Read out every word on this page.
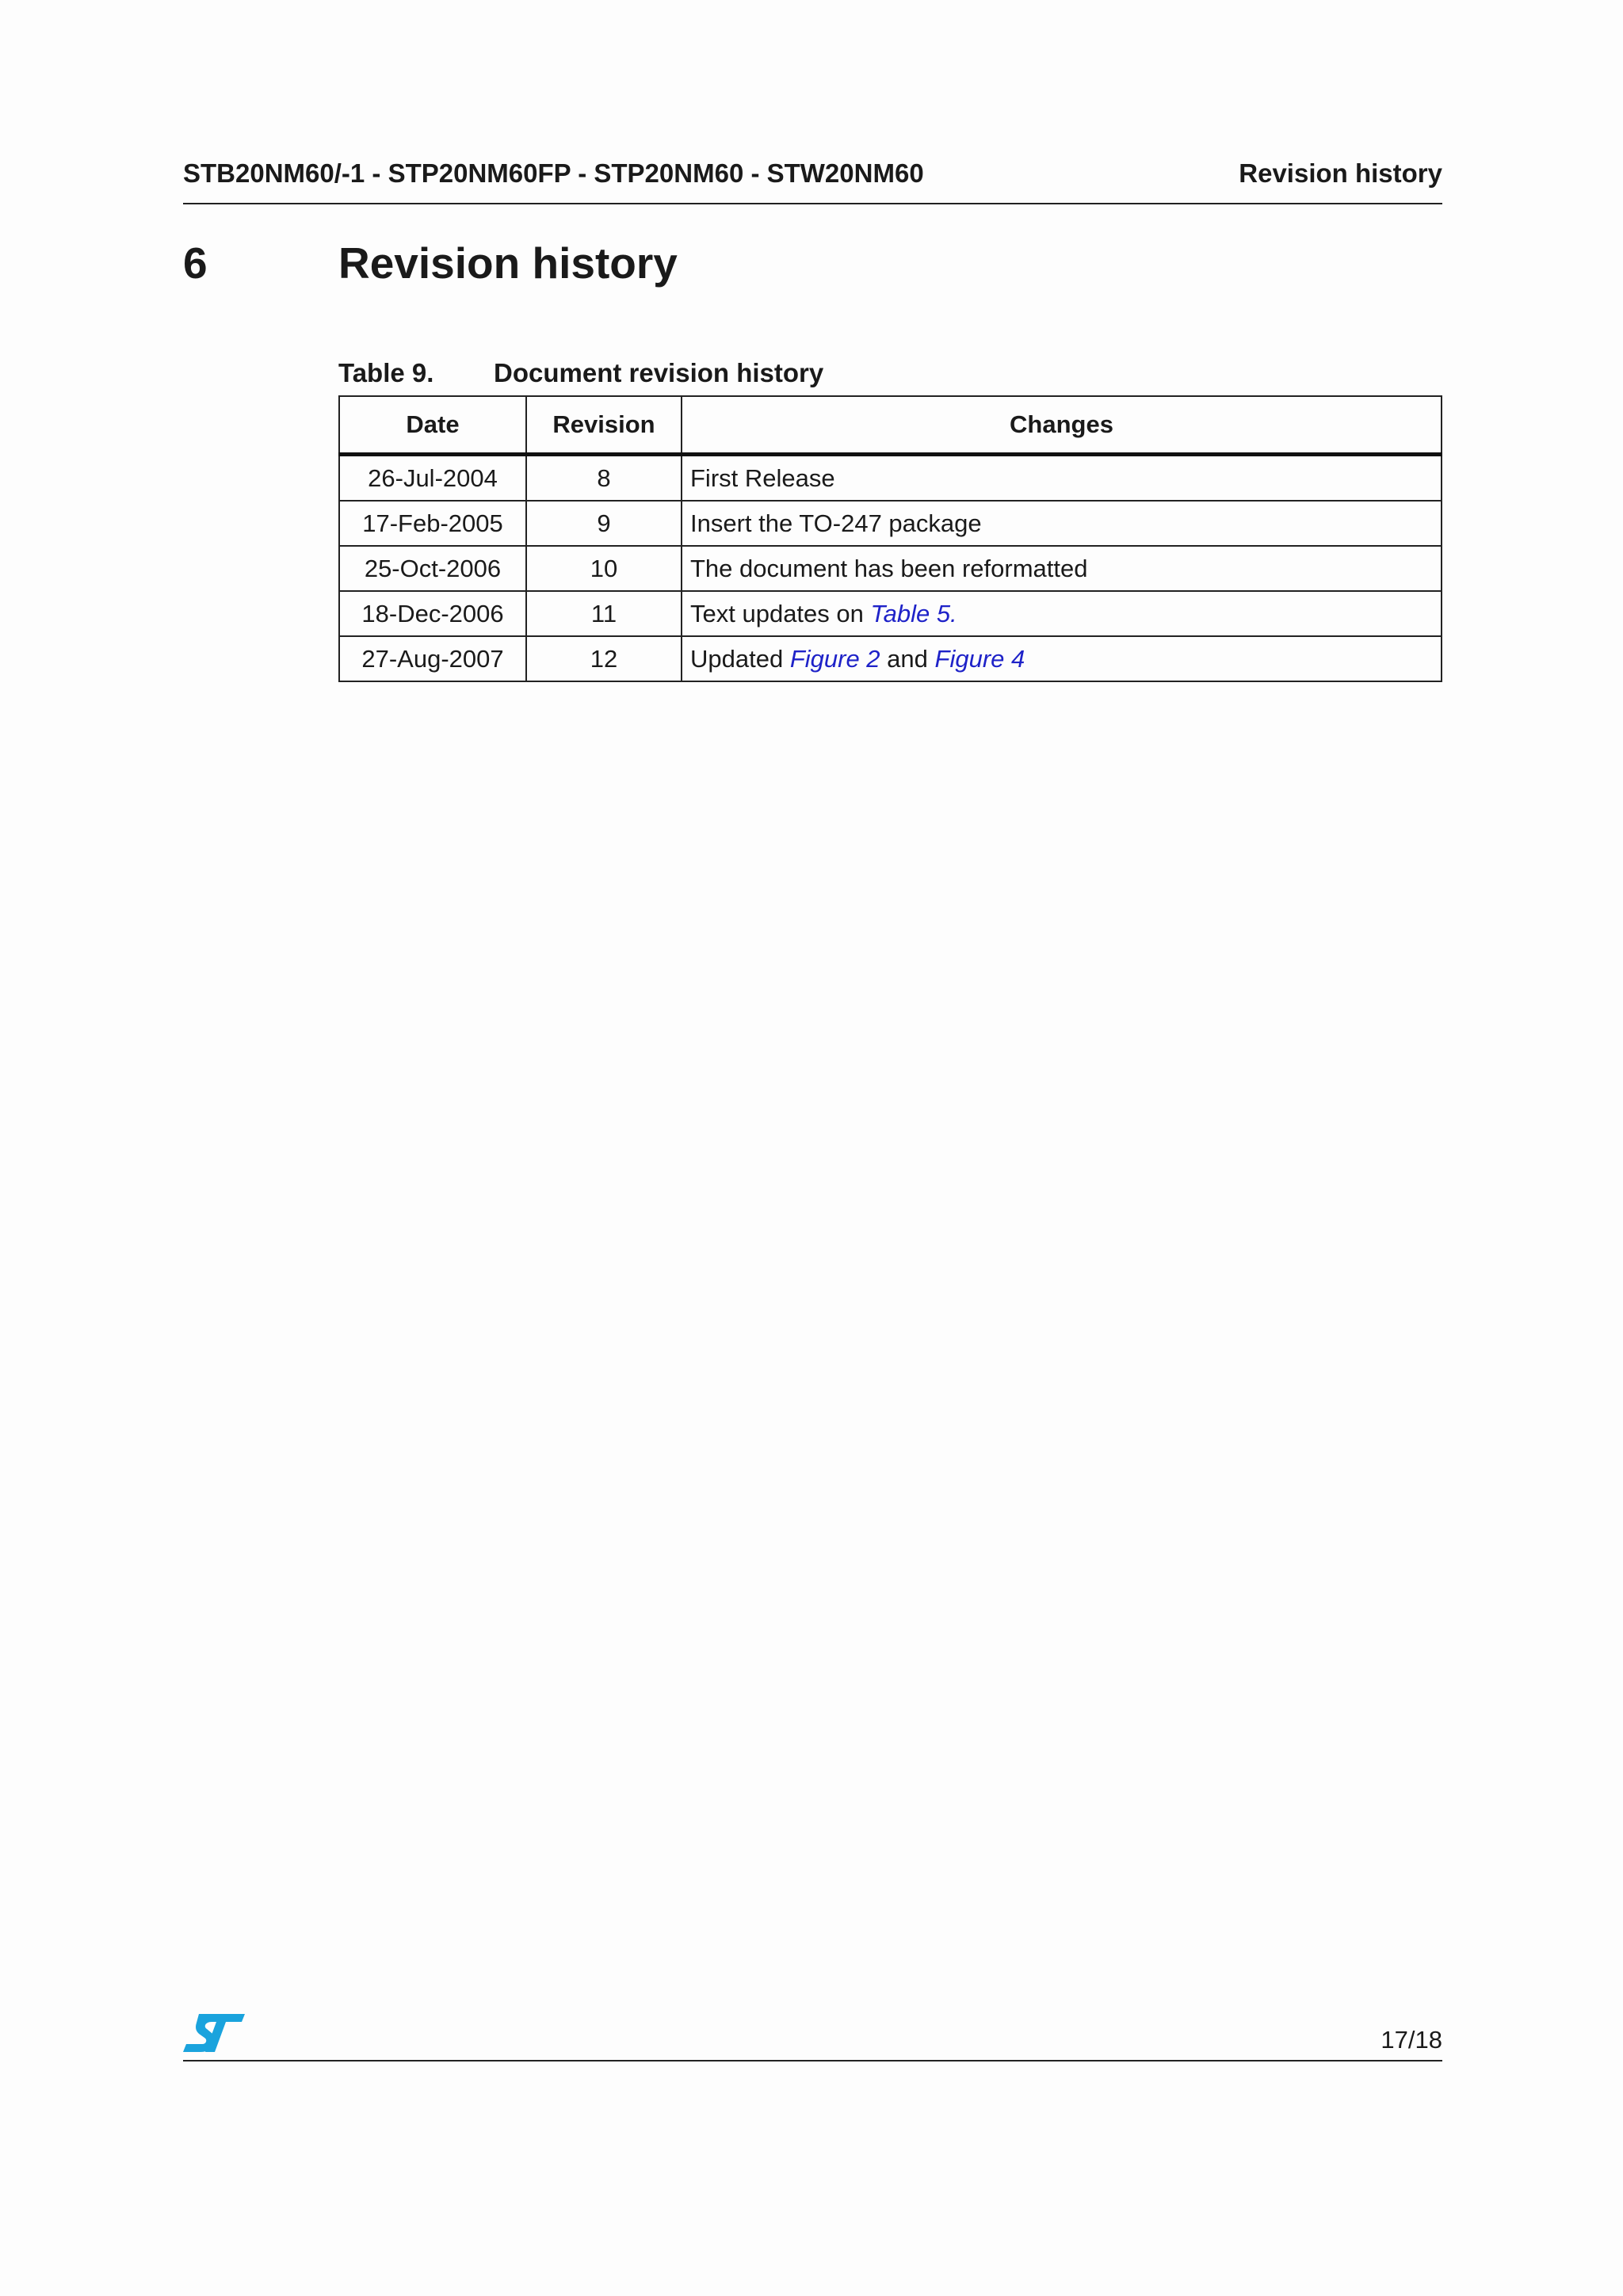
STB20NM60/-1 - STP20NM60FP - STP20NM60 - STW20NM60	Revision history
6	Revision history
Table 9. Document revision history
Date	Revision	Changes
26-Jul-2004	8	First Release
17-Feb-2005	9	Insert the TO-247 package
25-Oct-2006	10	The document has been reformatted
18-Dec-2006	11	Text updates on Table 5.
27-Aug-2007	12	Updated Figure 2 and Figure 4
17/18
